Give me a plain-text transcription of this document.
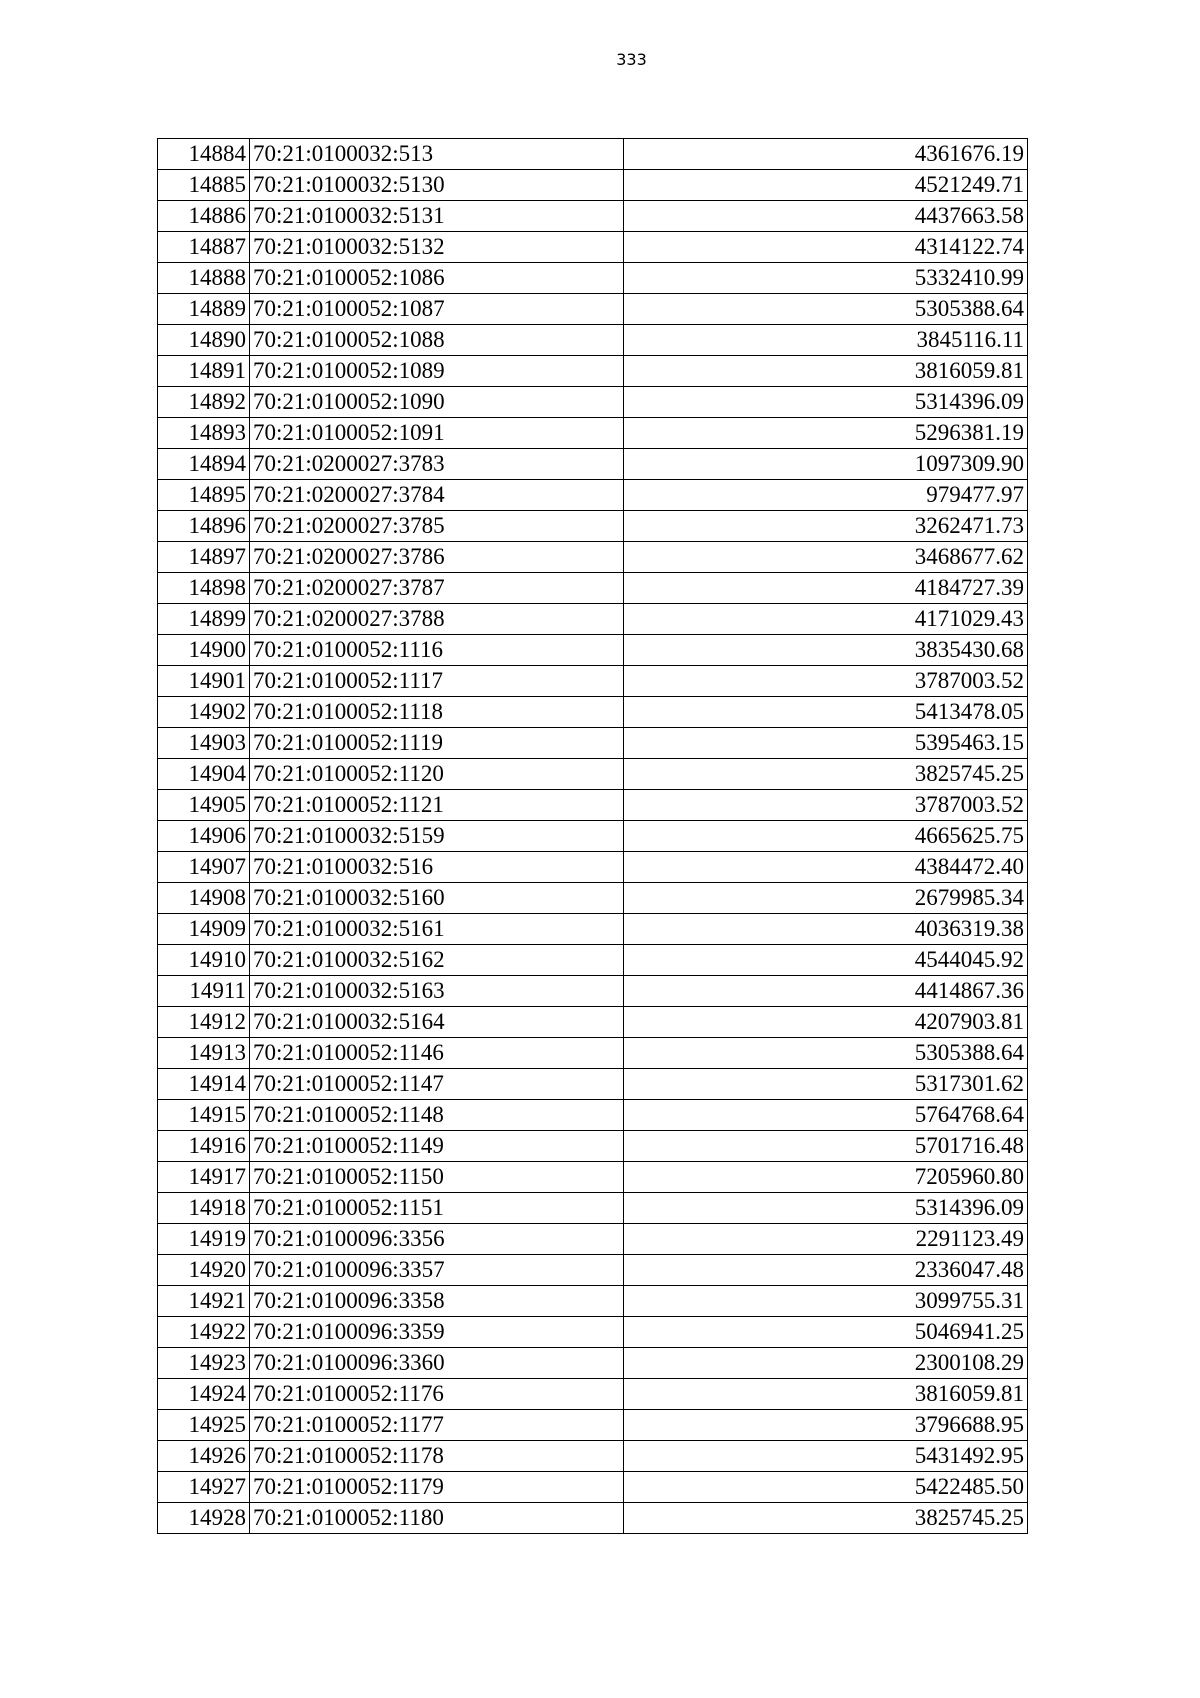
333
14884	70:21:0100032:513	4361676.19
14885	70:21:0100032:5130	4521249.71
14886	70:21:0100032:5131	4437663.58
14887	70:21:0100032:5132	4314122.74
14888	70:21:0100052:1086	5332410.99
14889	70:21:0100052:1087	5305388.64
14890	70:21:0100052:1088	3845116.11
14891	70:21:0100052:1089	3816059.81
14892	70:21:0100052:1090	5314396.09
14893	70:21:0100052:1091	5296381.19
14894	70:21:0200027:3783	1097309.90
14895	70:21:0200027:3784	979477.97
14896	70:21:0200027:3785	3262471.73
14897	70:21:0200027:3786	3468677.62
14898	70:21:0200027:3787	4184727.39
14899	70:21:0200027:3788	4171029.43
14900	70:21:0100052:1116	3835430.68
14901	70:21:0100052:1117	3787003.52
14902	70:21:0100052:1118	5413478.05
14903	70:21:0100052:1119	5395463.15
14904	70:21:0100052:1120	3825745.25
14905	70:21:0100052:1121	3787003.52
14906	70:21:0100032:5159	4665625.75
14907	70:21:0100032:516	4384472.40
14908	70:21:0100032:5160	2679985.34
14909	70:21:0100032:5161	4036319.38
14910	70:21:0100032:5162	4544045.92
14911	70:21:0100032:5163	4414867.36
14912	70:21:0100032:5164	4207903.81
14913	70:21:0100052:1146	5305388.64
14914	70:21:0100052:1147	5317301.62
14915	70:21:0100052:1148	5764768.64
14916	70:21:0100052:1149	5701716.48
14917	70:21:0100052:1150	7205960.80
14918	70:21:0100052:1151	5314396.09
14919	70:21:0100096:3356	2291123.49
14920	70:21:0100096:3357	2336047.48
14921	70:21:0100096:3358	3099755.31
14922	70:21:0100096:3359	5046941.25
14923	70:21:0100096:3360	2300108.29
14924	70:21:0100052:1176	3816059.81
14925	70:21:0100052:1177	3796688.95
14926	70:21:0100052:1178	5431492.95
14927	70:21:0100052:1179	5422485.50
14928	70:21:0100052:1180	3825745.25
